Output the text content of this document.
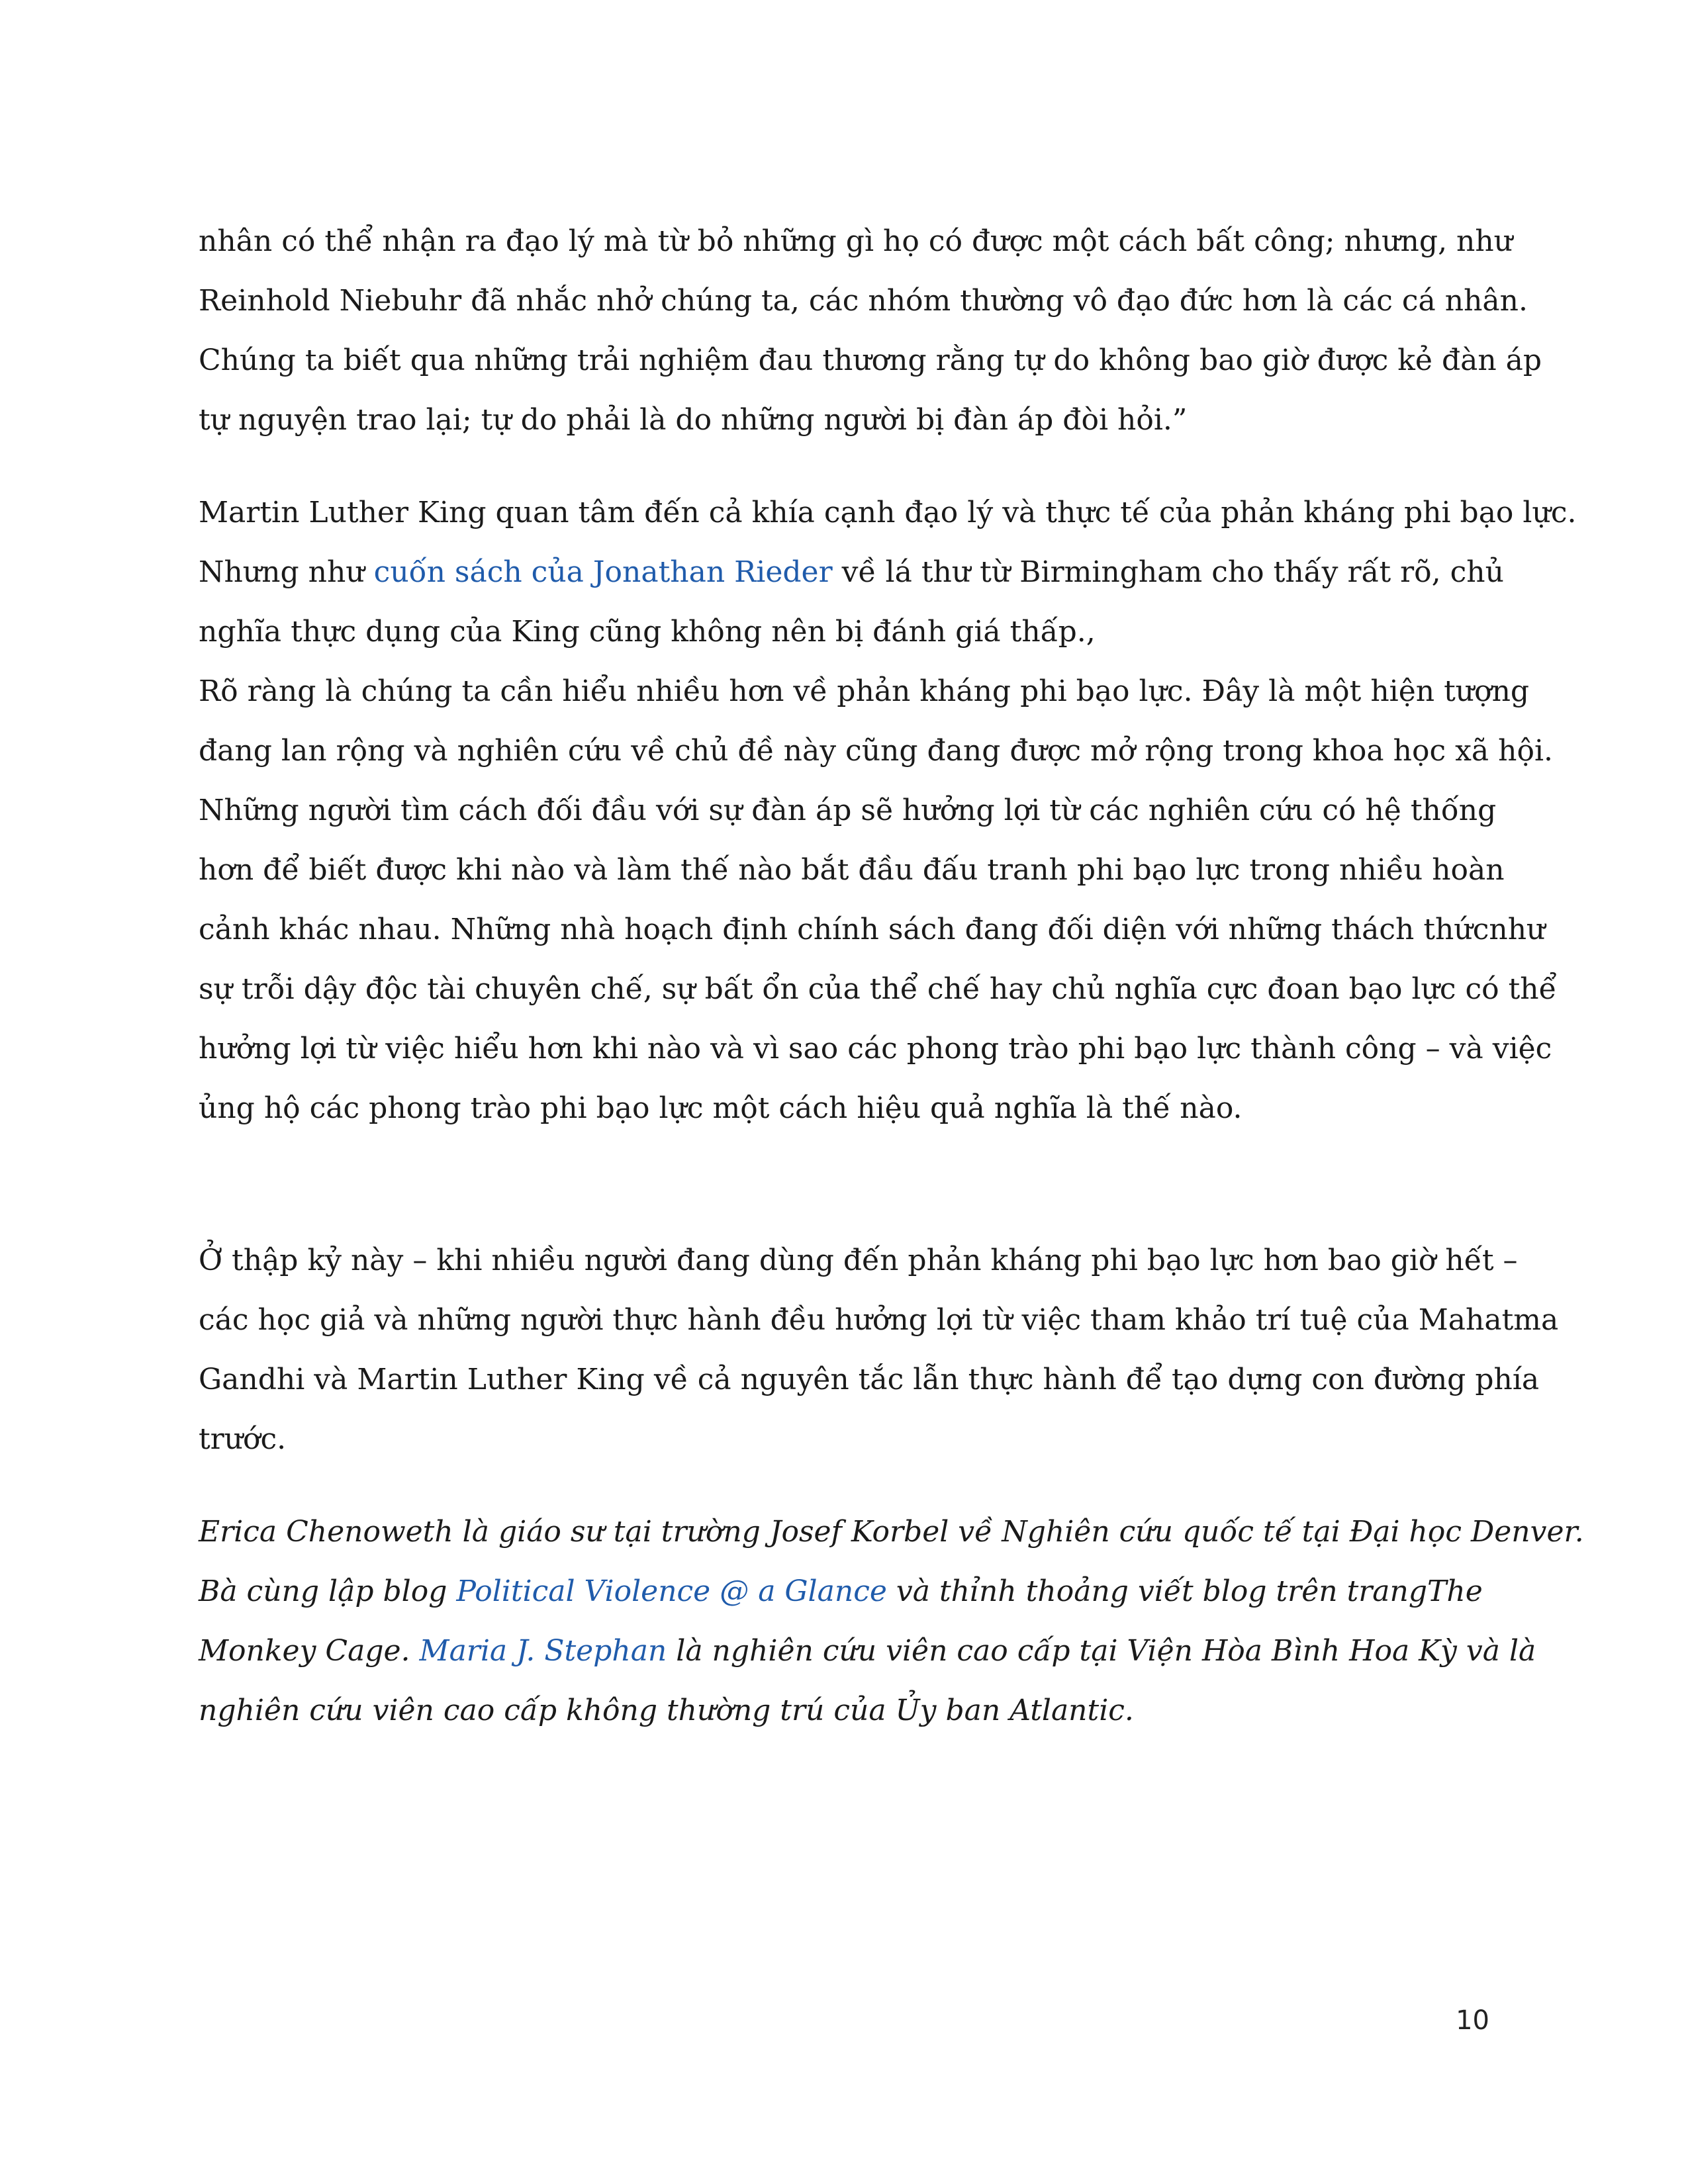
nhân có thể nhận ra đạo lý mà từ bỏ những gì họ có được một cách bất công; nhưng, như
Reinhold Niebuhr đã nhắc nhở chúng ta, các nhóm thường vô đạo đức hơn là các cá nhân.
Chúng ta biết qua những trải nghiệm đau thương rằng tự do không bao giờ được kẻ đàn áp
tự nguyện trao lại; tự do phải là do những người bị đàn áp đòi hỏi.”

Martin Luther King quan tâm đến cả khía cạnh đạo lý và thực tế của phản kháng phi bạo lực.
Nhưng như cuốn sách của Jonathan Rieder về lá thư từ Birmingham cho thấy rất rõ, chủ
nghĩa thực dụng của King cũng không nên bị đánh giá thấp.,

Rõ ràng là chúng ta cần hiểu nhiều hơn về phản kháng phi bạo lực. Đây là một hiện tượng
đang lan rộng và nghiên cứu về chủ đề này cũng đang được mở rộng trong khoa học xã hội.
Những người tìm cách đối đầu với sự đàn áp sẽ hưởng lợi từ các nghiên cứu có hệ thống
hơn để biết được khi nào và làm thế nào bắt đầu đấu tranh phi bạo lực trong nhiều hoàn
cảnh khác nhau. Những nhà hoạch định chính sách đang đối diện với những thách thứcnhư
sự trỗi dậy độc tài chuyên chế, sự bất ổn của thể chế hay chủ nghĩa cực đoan bạo lực có thể
hưởng lợi từ việc hiểu hơn khi nào và vì sao các phong trào phi bạo lực thành công – và việc
ủng hộ các phong trào phi bạo lực một cách hiệu quả nghĩa là thế nào.

Ở thập kỷ này – khi nhiều người đang dùng đến phản kháng phi bạo lực hơn bao giờ hết –
các học giả và những người thực hành đều hưởng lợi từ việc tham khảo trí tuệ của Mahatma
Gandhi và Martin Luther King về cả nguyên tắc lẫn thực hành để tạo dựng con đường phía
trước.

Erica Chenoweth là giáo sư tại trường Josef Korbel về Nghiên cứu quốc tế tại Đại học Denver.
Bà cùng lập blog Political Violence @ a Glance và thỉnh thoảng viết blog trên trangThe
Monkey Cage. Maria J. Stephan là nghiên cứu viên cao cấp tại Viện Hòa Bình Hoa Kỳ và là
nghiên cứu viên cao cấp không thường trú của Ủy ban Atlantic.

10
